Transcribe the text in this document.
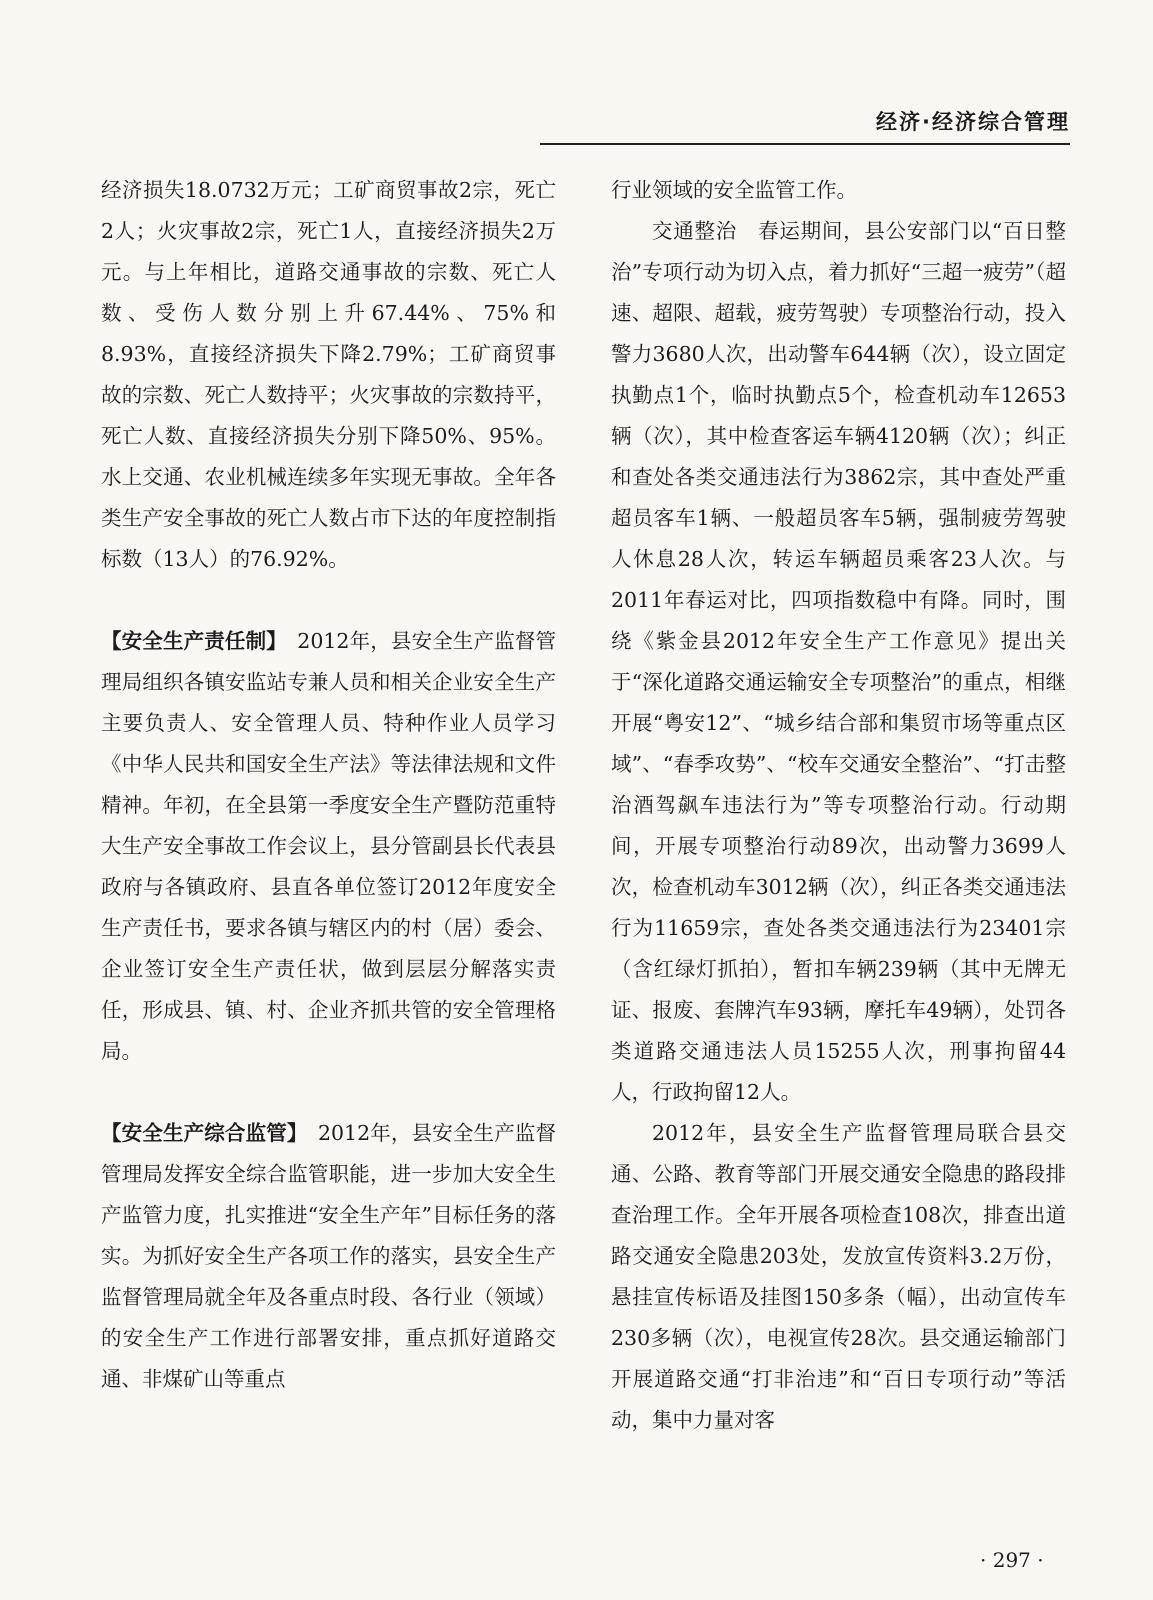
经济·经济综合管理

经济损失18.0732万元；工矿商贸事故2宗，死亡2人；火灾事故2宗，死亡1人，直接经济损失2万元。与上年相比，道路交通事故的宗数、死亡人数、受伤人数分别上升67.44%、75%和8.93%，直接经济损失下降2.79%；工矿商贸事故的宗数、死亡人数持平；火灾事故的宗数持平，死亡人数、直接经济损失分别下降50%、95%。水上交通、农业机械连续多年实现无事故。全年各类生产安全事故的死亡人数占市下达的年度控制指标数（13人）的76.92%。

【安全生产责任制】　2012年，县安全生产监督管理局组织各镇安监站专兼人员和相关企业安全生产主要负责人、安全管理人员、特种作业人员学习《中华人民共和国安全生产法》等法律法规和文件精神。年初，在全县第一季度安全生产暨防范重特大生产安全事故工作会议上，县分管副县长代表县政府与各镇政府、县直各单位签订2012年度安全生产责任书，要求各镇与辖区内的村（居）委会、企业签订安全生产责任状，做到层层分解落实责任，形成县、镇、村、企业齐抓共管的安全管理格局。

【安全生产综合监管】　2012年，县安全生产监督管理局发挥安全综合监管职能，进一步加大安全生产监管力度，扎实推进“安全生产年”目标任务的落实。为抓好安全生产各项工作的落实，县安全生产监督管理局就全年及各重点时段、各行业（领域）的安全生产工作进行部署安排，重点抓好道路交通、非煤矿山等重点

行业领域的安全监管工作。

交通整治　春运期间，县公安部门以“百日整治”专项行动为切入点，着力抓好“三超一疲劳”（超速、超限、超载，疲劳驾驶）专项整治行动，投入警力3680人次，出动警车644辆（次），设立固定执勤点1个，临时执勤点5个，检查机动车12653辆（次），其中检查客运车辆4120辆（次）；纠正和查处各类交通违法行为3862宗，其中查处严重超员客车1辆、一般超员客车5辆，强制疲劳驾驶人休息28人次，转运车辆超员乘客23人次。与2011年春运对比，四项指数稳中有降。同时，围绕《紫金县2012年安全生产工作意见》提出关于“深化道路交通运输安全专项整治”的重点，相继开展“粤安12”、“城乡结合部和集贸市场等重点区域”、“春季攻势”、“校车交通安全整治”、“打击整治酒驾飙车违法行为”等专项整治行动。行动期间，开展专项整治行动89次，出动警力3699人次，检查机动车3012辆（次），纠正各类交通违法行为11659宗，查处各类交通违法行为23401宗（含红绿灯抓拍），暂扣车辆239辆（其中无牌无证、报废、套牌汽车93辆，摩托车49辆），处罚各类道路交通违法人员15255人次，刑事拘留44人，行政拘留12人。

2012年，县安全生产监督管理局联合县交通、公路、教育等部门开展交通安全隐患的路段排查治理工作。全年开展各项检查108次，排查出道路交通安全隐患203处，发放宣传资料3.2万份，悬挂宣传标语及挂图150多条（幅），出动宣传车230多辆（次），电视宣传28次。县交通运输部门开展道路交通“打非治违”和“百日专项行动”等活动，集中力量对客

· 297 ·
